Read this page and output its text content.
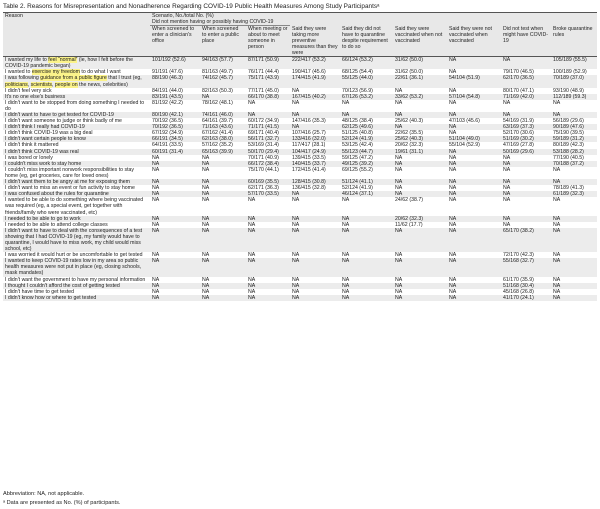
Table 2. Reasons for Misrepresentation and Nonadherence Regarding COVID-19 Public Health Measures Among Study Participantsᵃ
Reason	Scenario, No./total No. (%)								
	Did not mention having or possibly having COVID-19								
	When screened to enter a clinician's office	When screened to enter a public place	When meeting or about to meet someone in person	Said they were taking more preventive measures than they were	Said they did not have to quarantine despite requirement to do so	Said they were vaccinated when not vaccinated	Said they were not vaccinated when vaccinated	Did not test when might have COVID-19	Broke quarantine rules
I wanted my life to feel “normal” (ie, how I felt before the COVID-19 pandemic began)	101/192 (52.6)	94/163 (57.7)	87/171 (50.9)	222/417 (53.2)	66/124 (53.2)	31/62 (50.0)	NA	NA	105/189 (55.5)
I wanted to exercise my freedom to do what I want	91/191 (47.6)	81/163 (49.7)	76/171 (44.4)	190/417 (45.6)	68/125 (54.4)	31/62 (50.0)	NA	79/170 (46.5)	100/189 (52.9)
I was following guidance from a public figure that I trust (eg, politicians, scientists, people on the news, celebrities)	88/190 (46.3)	74/162 (45.7)	75/171 (43.9)	174/415 (41.9)	55/125 (44.0)	22/61 (36.1)	54/104 (51.9)	62/170 (36.5)	70/189 (37.0)
I didn't feel very sick	84/191 (44.0)	82/163 (50.3)	77/171 (45.0)	NA	70/123 (56.9)	NA	NA	80/170 (47.1)	93/190 (48.9)
It's no one else's business	83/191 (43.5)	NA	66/170 (38.8)	167/415 (40.2)	67/126 (53.2)	33/62 (53.2)	57/104 (54.8)	71/169 (42.0)	112/189 (59.3)
I didn't want to be stopped from doing something I needed to do	81/192 (42.2)	78/162 (48.1)	NA	NA	NA	NA	NA	NA	NA
I didn't want to have to get tested for COVID-19	80/190 (42.1)	74/161 (46.0)	NA	NA	NA	NA	NA	NA	NA
I didn't want someone to judge or think badly of me	70/192 (36.5)	64/161 (39.7)	60/172 (34.9)	147/416 (35.3)	48/125 (38.4)	25/62 (40.3)	47/103 (45.6)	54/169 (31.9)	56/189 (29.6)
I didn't think I really had COVID-19	70/192 (36.5)	71/163 (43.6)	71/171 (41.5)	NA	62/125 (49.6)	NA	NA	63/169 (37.3)	90/189 (47.6)
I didn't think COVID-19 was a big deal	67/192 (34.9)	67/162 (41.4)	69/171 (40.4)	107/416 (25.7)	51/125 (40.8)	22/62 (35.5)	NA	52/170 (30.6)	75/190 (39.5)
I didn't want certain people to know	66/191 (34.5)	62/163 (38.0)	56/171 (32.7)	133/416 (32.0)	52/124 (41.9)	25/62 (40.3)	51/104 (49.0)	51/169 (30.2)	59/189 (31.2)
I didn't think it mattered	64/191 (33.5)	57/162 (35.2)	53/169 (31.4)	117/417 (28.1)	53/125 (42.4)	20/62 (32.3)	55/104 (52.9)	47/169 (27.8)	80/189 (42.3)
I didn't think COVID-19 was real	60/191 (31.4)	65/163 (39.9)	50/170 (29.4)	104/417 (24.9)	55/123 (44.7)	19/61 (31.1)	NA	50/169 (29.6)	53/188 (28.2)
I was bored or lonely	NA	NA	70/171 (40.9)	139/415 (33.5)	59/125 (47.2)	NA	NA	NA	77/190 (40.5)
I couldn't miss work to stay home	NA	NA	66/172 (38.4)	140/415 (33.7)	49/125 (39.2)	NA	NA	NA	70/188 (37.2)
I couldn't miss important nonwork responsibilities to stay home (eg, get groceries, care for loved ones)	NA	NA	75/170 (44.1)	172/415 (41.4)	69/125 (55.2)	NA	NA	NA	NA
I didn't want them to be angry at me for exposing them	NA	NA	60/169 (35.5)	128/415 (30.8)	51/124 (41.1)	NA	NA	NA	NA
I didn't want to miss an event or fun activity to stay home	NA	NA	62/171 (36.3)	136/415 (32.8)	52/124 (41.9)	NA	NA	NA	78/189 (41.3)
I was confused about the rules for quarantine	NA	NA	57/170 (33.5)	NA	46/124 (37.1)	NA	NA	NA	61/189 (32.3)
I wanted to be able to do something where being vaccinated was required (eg, a special event, get together with friends/family who were vaccinated, etc)	NA	NA	NA	NA	NA	24/62 (38.7)	NA	NA	NA
I needed to be able to go to work	NA	NA	NA	NA	NA	20/62 (32.3)	NA	NA	NA
I needed to be able to attend college classes	NA	NA	NA	NA	NA	11/62 (17.7)	NA	NA	NA
I didn't want to have to deal with the consequences of a test showing that I had COVID-19 (eg, my family would have to quarantine, I would have to miss work, my child would miss school, etc)	NA	NA	NA	NA	NA	NA	NA	65/170 (38.2)	NA
I was worried it would hurt or be uncomfortable to get tested	NA	NA	NA	NA	NA	NA	NA	72/170 (42.3)	NA
I wanted to keep COVID-19 rates low in my area so public health measures were not put in place (eg, closing schools, mask mandates)	NA	NA	NA	NA	NA	NA	NA	55/168 (32.7)	NA
I didn't want the government to have my personal information	NA	NA	NA	NA	NA	NA	NA	61/170 (35.9)	NA
I thought I couldn't afford the cost of getting tested	NA	NA	NA	NA	NA	NA	NA	51/168 (30.4)	NA
I didn't have time to get tested	NA	NA	NA	NA	NA	NA	NA	45/168 (26.8)	NA
I didn't know how or where to get tested	NA	NA	NA	NA	NA	NA	NA	41/170 (24.1)	NA
Abbreviation: NA, not applicable.
ᵃ Data are presented as No. (%) of participants.
